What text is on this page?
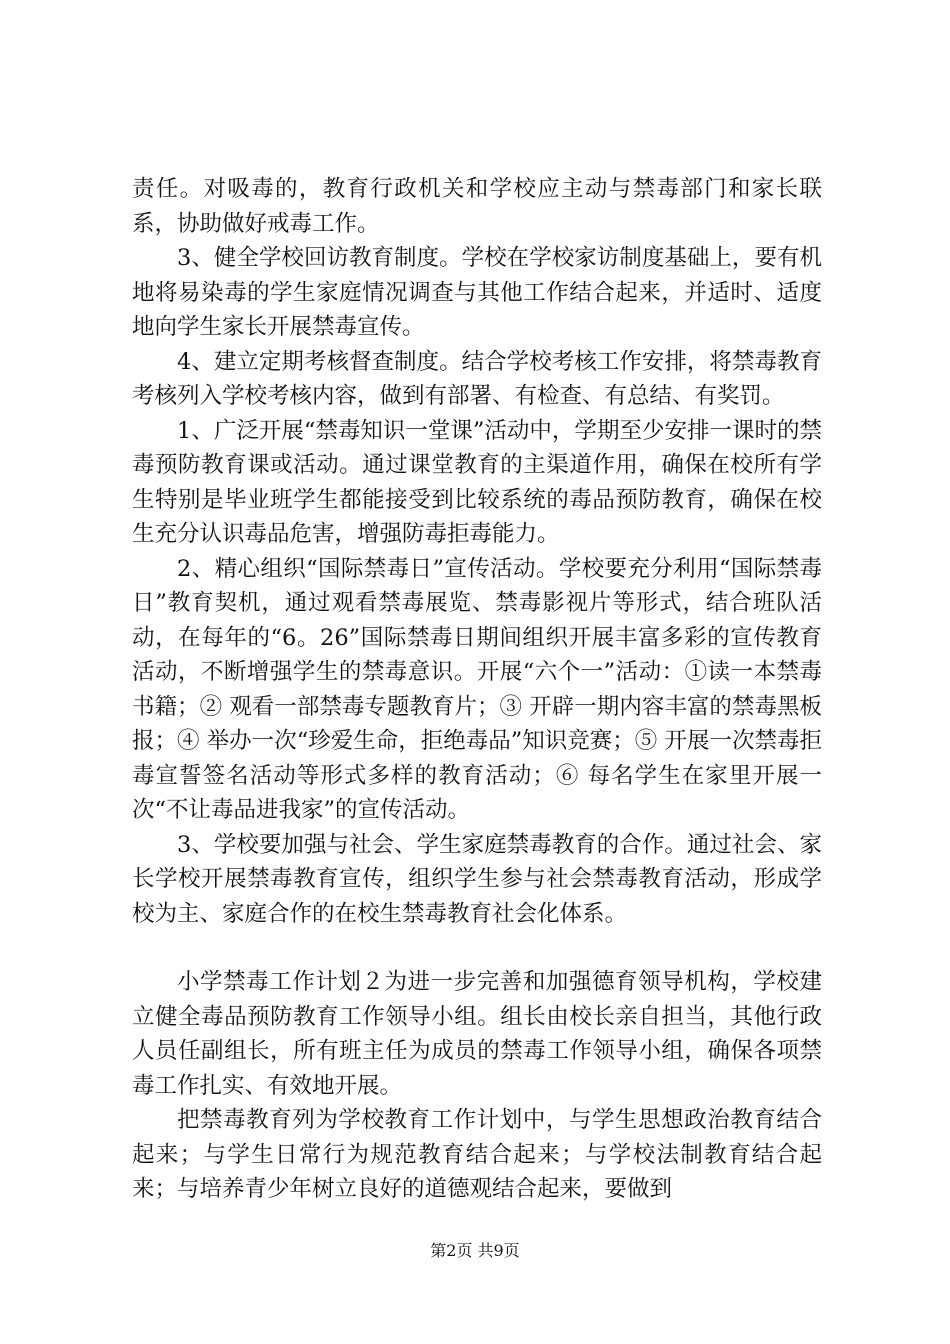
责任。对吸毒的，教育行政机关和学校应主动与禁毒部门和家长联系，协助做好戒毒工作。

3、健全学校回访教育制度。学校在学校家访制度基础上，要有机地将易染毒的学生家庭情况调查与其他工作结合起来，并适时、适度地向学生家长开展禁毒宣传。

4、建立定期考核督查制度。结合学校考核工作安排，将禁毒教育考核列入学校考核内容，做到有部署、有检查、有总结、有奖罚。

1、广泛开展“禁毒知识一堂课”活动中，学期至少安排一课时的禁毒预防教育课或活动。通过课堂教育的主渠道作用，确保在校所有学生特别是毕业班学生都能接受到比较系统的毒品预防教育，确保在校生充分认识毒品危害，增强防毒拒毒能力。

2、精心组织“国际禁毒日”宣传活动。学校要充分利用“国际禁毒日”教育契机，通过观看禁毒展览、禁毒影视片等形式，结合班队活动，在每年的“6。26”国际禁毒日期间组织开展丰富多彩的宣传教育活动，不断增强学生的禁毒意识。开展“六个一”活动：①读一本禁毒书籍；② 观看一部禁毒专题教育片；③ 开辟一期内容丰富的禁毒黑板报；④ 举办一次“珍爱生命，拒绝毒品”知识竞赛；⑤ 开展一次禁毒拒毒宣誓签名活动等形式多样的教育活动；⑥ 每名学生在家里开展一次“不让毒品进我家”的宣传活动。

3、学校要加强与社会、学生家庭禁毒教育的合作。通过社会、家长学校开展禁毒教育宣传，组织学生参与社会禁毒教育活动，形成学校为主、家庭合作的在校生禁毒教育社会化体系。

小学禁毒工作计划２为进一步完善和加强德育领导机构，学校建立健全毒品预防教育工作领导小组。组长由校长亲自担当，其他行政人员任副组长，所有班主任为成员的禁毒工作领导小组，确保各项禁毒工作扎实、有效地开展。

把禁毒教育列为学校教育工作计划中，与学生思想政治教育结合起来；与学生日常行为规范教育结合起来；与学校法制教育结合起来；与培养青少年树立良好的道德观结合起来，要做到

第2页 共9页
